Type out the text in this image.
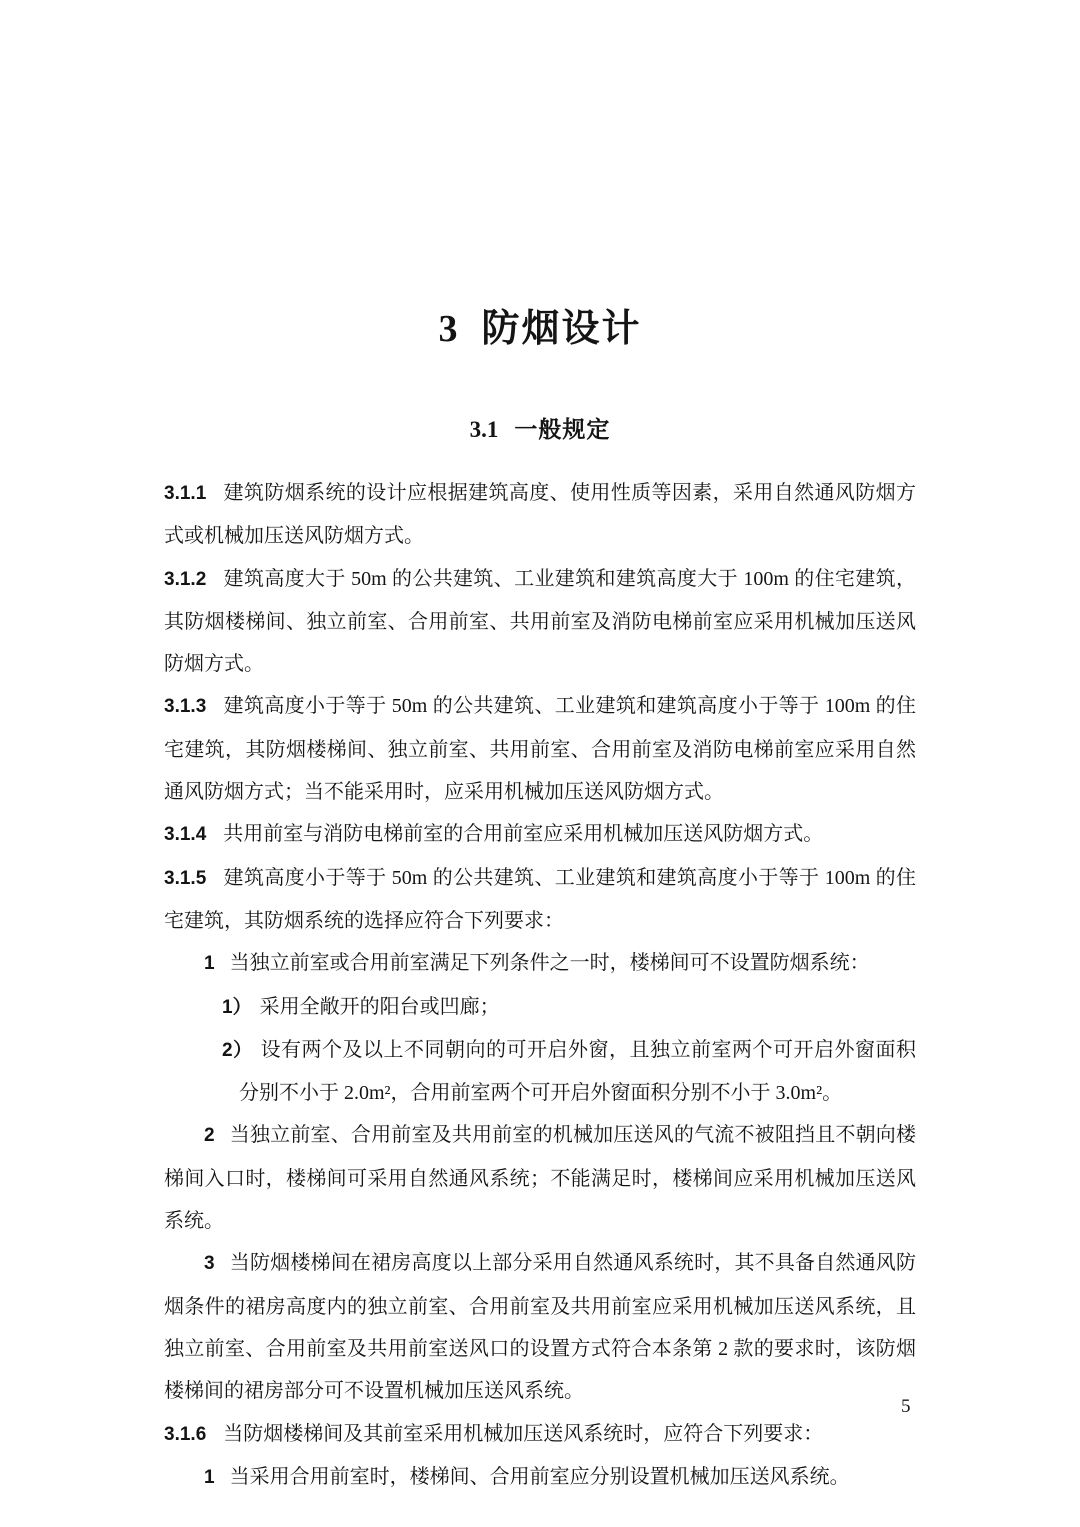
3 防烟设计
3.1 一般规定

3.1.1 建筑防烟系统的设计应根据建筑高度、使用性质等因素，采用自然通风防烟方式或机械加压送风防烟方式。

3.1.2 建筑高度大于 50m 的公共建筑、工业建筑和建筑高度大于 100m 的住宅建筑，其防烟楼梯间、独立前室、合用前室、共用前室及消防电梯前室应采用机械加压送风防烟方式。

3.1.3 建筑高度小于等于 50m 的公共建筑、工业建筑和建筑高度小于等于 100m 的住宅建筑，其防烟楼梯间、独立前室、共用前室、合用前室及消防电梯前室应采用自然通风防烟方式；当不能采用时，应采用机械加压送风防烟方式。

3.1.4 共用前室与消防电梯前室的合用前室应采用机械加压送风防烟方式。

3.1.5 建筑高度小于等于 50m 的公共建筑、工业建筑和建筑高度小于等于 100m 的住宅建筑，其防烟系统的选择应符合下列要求：

1 当独立前室或合用前室满足下列条件之一时，楼梯间可不设置防烟系统：

1） 采用全敞开的阳台或凹廊；

2） 设有两个及以上不同朝向的可开启外窗，且独立前室两个可开启外窗面积分别不小于 2.0m²，合用前室两个可开启外窗面积分别不小于 3.0m²。

2 当独立前室、合用前室及共用前室的机械加压送风的气流不被阻挡且不朝向楼梯间入口时，楼梯间可采用自然通风系统；不能满足时，楼梯间应采用机械加压送风系统。

3 当防烟楼梯间在裙房高度以上部分采用自然通风系统时，其不具备自然通风防烟条件的裙房高度内的独立前室、合用前室及共用前室应采用机械加压送风系统，且独立前室、合用前室及共用前室送风口的设置方式符合本条第 2 款的要求时，该防烟楼梯间的裙房部分可不设置机械加压送风系统。

3.1.6 当防烟楼梯间及其前室采用机械加压送风系统时，应符合下列要求：

1 当采用合用前室时，楼梯间、合用前室应分别设置机械加压送风系统。

5
